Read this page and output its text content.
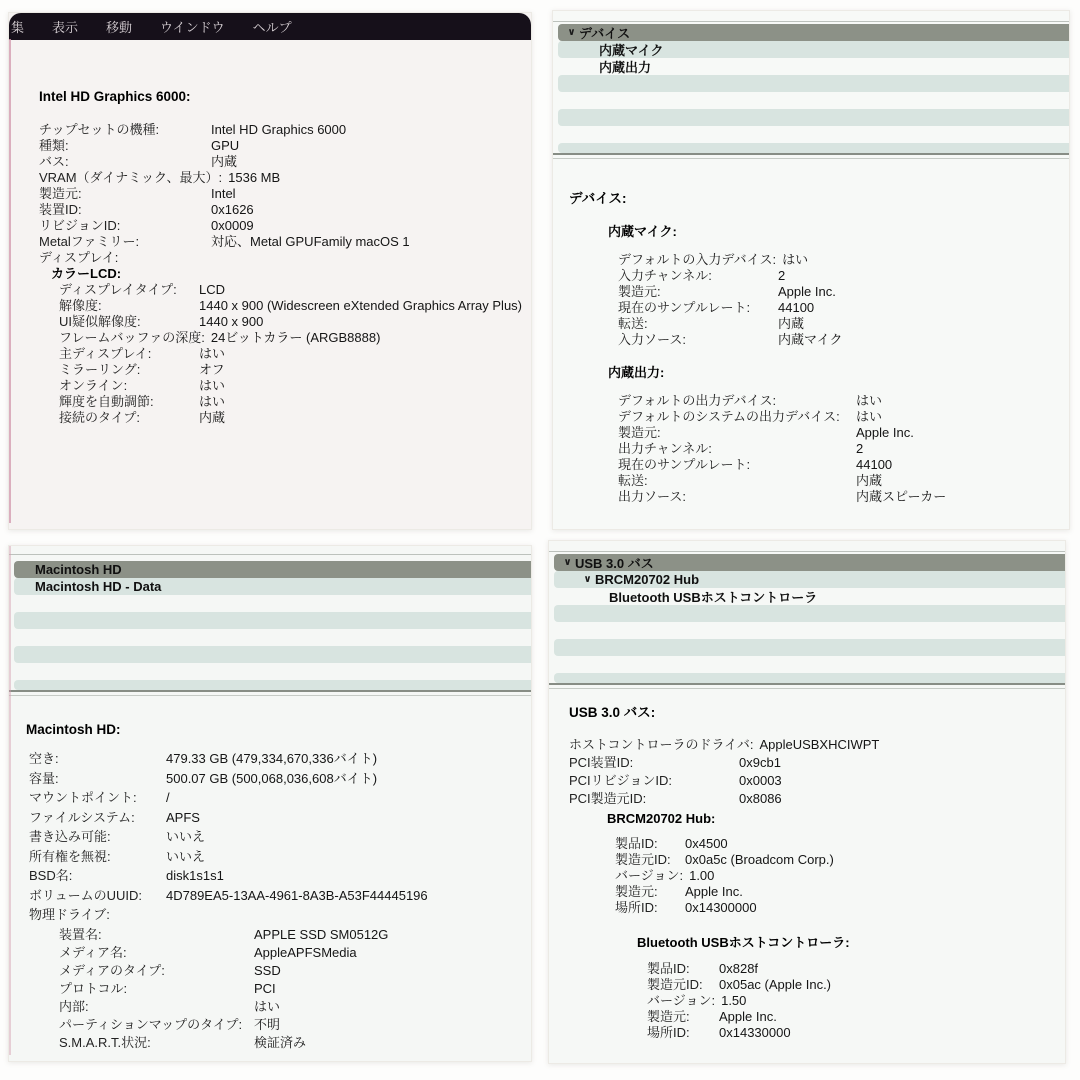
集 表示 移動 ウインドウ ヘルプ
Intel HD Graphics 6000:
チップセットの機種:	Intel HD Graphics 6000
種類:	GPU
バス:	内蔵
VRAM（ダイナミック、最大）: 1536 MB
製造元:	Intel
装置ID:	0x1626
リビジョンID:	0x0009
Metalファミリー:	対応、Metal GPUFamily macOS 1
ディスプレイ:
カラーLCD:
ディスプレイタイプ:	LCD
解像度:	1440 x 900 (Widescreen eXtended Graphics Array Plus)
UI疑似解像度:	1440 x 900
フレームバッファの深度: 24ビットカラー (ARGB8888)
主ディスプレイ:	はい
ミラーリング:	オフ
オンライン:	はい
輝度を自動調節:	はい
接続のタイプ:	内蔵
∨ デバイス
内蔵マイク
内蔵出力
デバイス:
内蔵マイク:
デフォルトの入力デバイス: はい
入力チャンネル:	2
製造元:	Apple Inc.
現在のサンプルレート:	44100
転送:	内蔵
入力ソース:	内蔵マイク
内蔵出力:
デフォルトの出力デバイス:	はい
デフォルトのシステムの出力デバイス:	はい
製造元:	Apple Inc.
出力チャンネル:	2
現在のサンプルレート:	44100
転送:	内蔵
出力ソース:	内蔵スピーカー
Macintosh HD
Macintosh HD - Data
Macintosh HD:
空き:	479.33 GB (479,334,670,336バイト)
容量:	500.07 GB (500,068,036,608バイト)
マウントポイント:	/
ファイルシステム:	APFS
書き込み可能:	いいえ
所有権を無視:	いいえ
BSD名:	disk1s1s1
ボリュームのUUID:	4D789EA5-13AA-4961-8A3B-A53F44445196
物理ドライブ:
装置名:	APPLE SSD SM0512G
メディア名:	AppleAPFSMedia
メディアのタイプ:	SSD
プロトコル:	PCI
内部:	はい
パーティションマップのタイプ: 不明
S.M.A.R.T.状況:	検証済み
∨ USB 3.0 バス
∨ BRCM20702 Hub
Bluetooth USBホストコントローラ
USB 3.0 バス:
ホストコントローラのドライバ: AppleUSBXHCIWPT
PCI装置ID:	0x9cb1
PCIリビジョンID:	0x0003
PCI製造元ID:	0x8086
BRCM20702 Hub:
製品ID:	0x4500
製造元ID:	0x0a5c (Broadcom Corp.)
バージョン: 1.00
製造元:	Apple Inc.
場所ID:	0x14300000
Bluetooth USBホストコントローラ:
製品ID:	0x828f
製造元ID:	0x05ac (Apple Inc.)
バージョン: 1.50
製造元:	Apple Inc.
場所ID:	0x14330000
